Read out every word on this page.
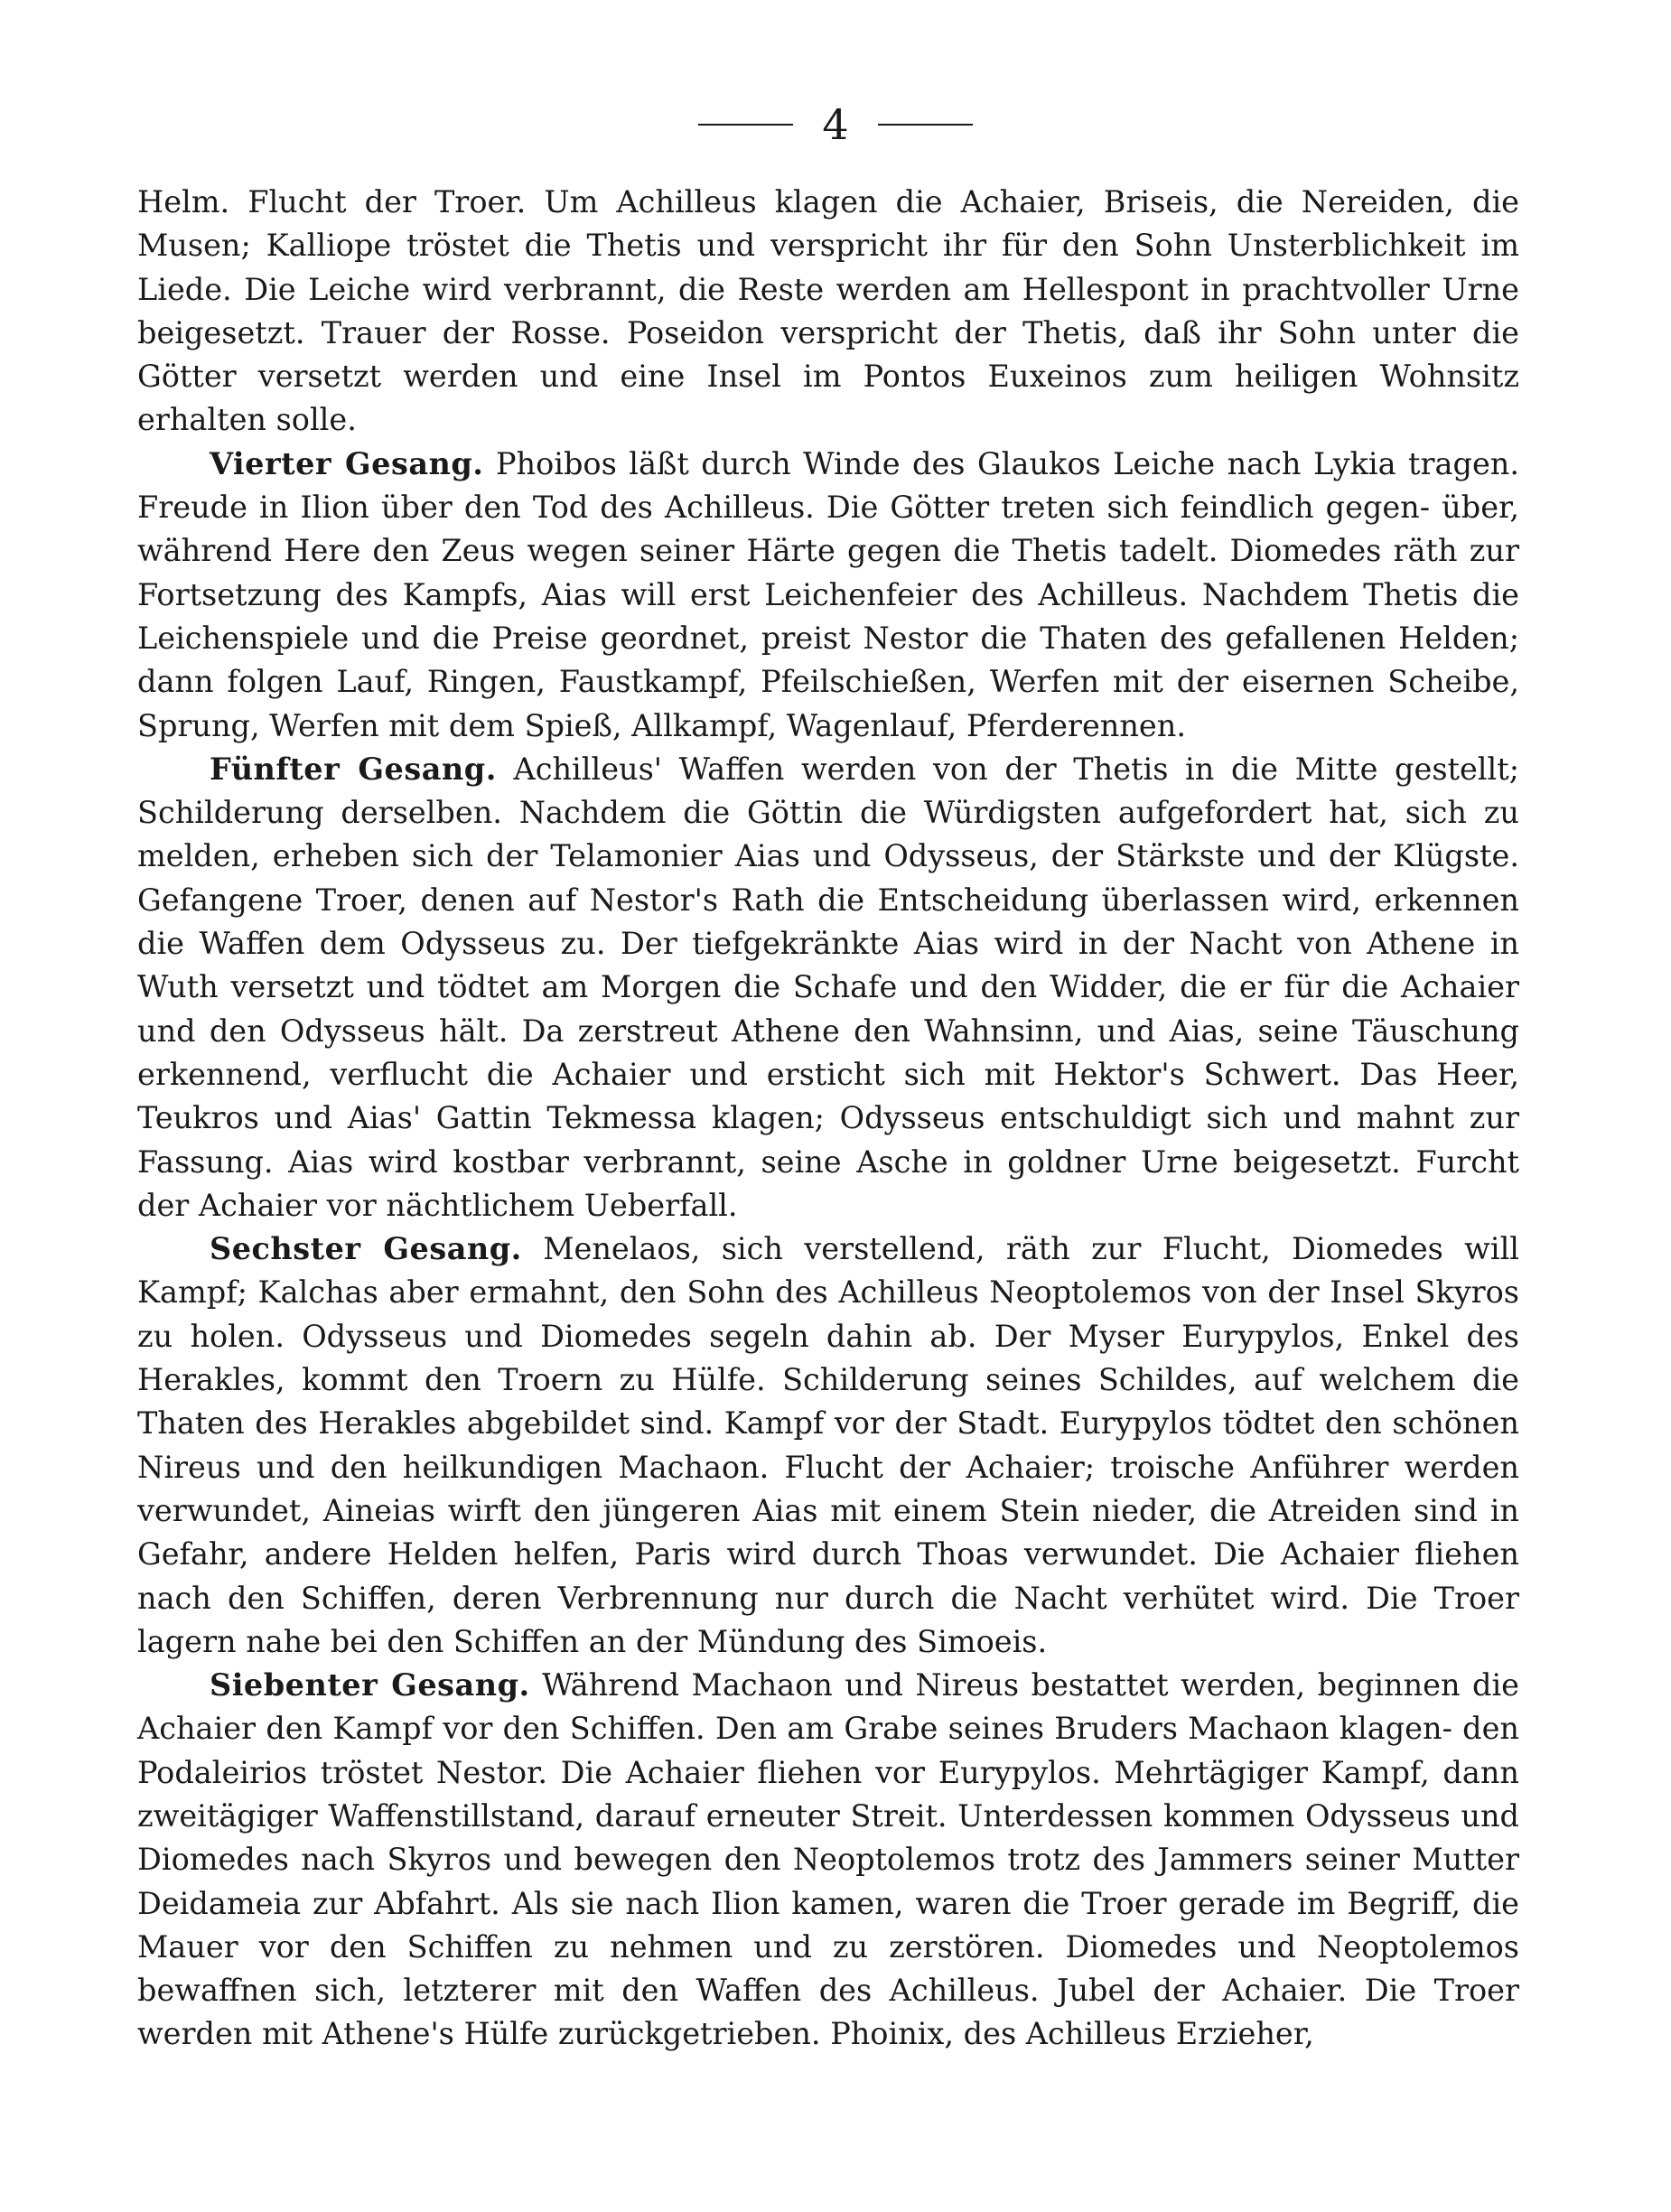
4

Helm. Flucht der Troer. Um Achilleus klagen die Achaier, Briseis, die Nereiden, die Musen; Kalliope tröstet die Thetis und verspricht ihr für den Sohn Unsterblichkeit im Liede. Die Leiche wird verbrannt, die Reste werden am Hellespont in prachtvoller Urne beigesetzt. Trauer der Rosse. Poseidon verspricht der Thetis, daß ihr Sohn unter die Götter versetzt werden und eine Insel im Pontos Euxeinos zum heiligen Wohnsitz erhalten solle.

Vierter Gesang. Phoibos läßt durch Winde des Glaukos Leiche nach Lykia tragen. Freude in Ilion über den Tod des Achilleus. Die Götter treten sich feindlich gegen- über, während Here den Zeus wegen seiner Härte gegen die Thetis tadelt. Diomedes räth zur Fortsetzung des Kampfs, Aias will erst Leichenfeier des Achilleus. Nachdem Thetis die Leichenspiele und die Preise geordnet, preist Nestor die Thaten des gefallenen Helden; dann folgen Lauf, Ringen, Faustkampf, Pfeilschießen, Werfen mit der eisernen Scheibe, Sprung, Werfen mit dem Spieß, Allkampf, Wagenlauf, Pferderennen.

Fünfter Gesang. Achilleus' Waffen werden von der Thetis in die Mitte gestellt; Schilderung derselben. Nachdem die Göttin die Würdigsten aufgefordert hat, sich zu melden, erheben sich der Telamonier Aias und Odysseus, der Stärkste und der Klügste. Gefangene Troer, denen auf Nestor's Rath die Entscheidung überlassen wird, erkennen die Waffen dem Odysseus zu. Der tiefgekränkte Aias wird in der Nacht von Athene in Wuth versetzt und tödtet am Morgen die Schafe und den Widder, die er für die Achaier und den Odysseus hält. Da zerstreut Athene den Wahnsinn, und Aias, seine Täuschung erkennend, verflucht die Achaier und ersticht sich mit Hektor's Schwert. Das Heer, Teukros und Aias' Gattin Tekmessa klagen; Odysseus entschuldigt sich und mahnt zur Fassung. Aias wird kostbar verbrannt, seine Asche in goldner Urne beigesetzt. Furcht der Achaier vor nächtlichem Ueberfall.

Sechster Gesang. Menelaos, sich verstellend, räth zur Flucht, Diomedes will Kampf; Kalchas aber ermahnt, den Sohn des Achilleus Neoptolemos von der Insel Skyros zu holen. Odysseus und Diomedes segeln dahin ab. Der Myser Eurypylos, Enkel des Herakles, kommt den Troern zu Hülfe. Schilderung seines Schildes, auf welchem die Thaten des Herakles abgebildet sind. Kampf vor der Stadt. Eurypylos tödtet den schönen Nireus und den heilkundigen Machaon. Flucht der Achaier; troische Anführer werden verwundet, Aineias wirft den jüngeren Aias mit einem Stein nieder, die Atreiden sind in Gefahr, andere Helden helfen, Paris wird durch Thoas verwundet. Die Achaier fliehen nach den Schiffen, deren Verbrennung nur durch die Nacht verhütet wird. Die Troer lagern nahe bei den Schiffen an der Mündung des Simoeis.

Siebenter Gesang. Während Machaon und Nireus bestattet werden, beginnen die Achaier den Kampf vor den Schiffen. Den am Grabe seines Bruders Machaon klagen- den Podaleirios tröstet Nestor. Die Achaier fliehen vor Eurypylos. Mehrtägiger Kampf, dann zweitägiger Waffenstillstand, darauf erneuter Streit. Unterdessen kommen Odysseus und Diomedes nach Skyros und bewegen den Neoptolemos trotz des Jammers seiner Mutter Deidameia zur Abfahrt. Als sie nach Ilion kamen, waren die Troer gerade im Begriff, die Mauer vor den Schiffen zu nehmen und zu zerstören. Diomedes und Neoptolemos bewaffnen sich, letzterer mit den Waffen des Achilleus. Jubel der Achaier. Die Troer werden mit Athene's Hülfe zurückgetrieben. Phoinix, des Achilleus Erzieher,
